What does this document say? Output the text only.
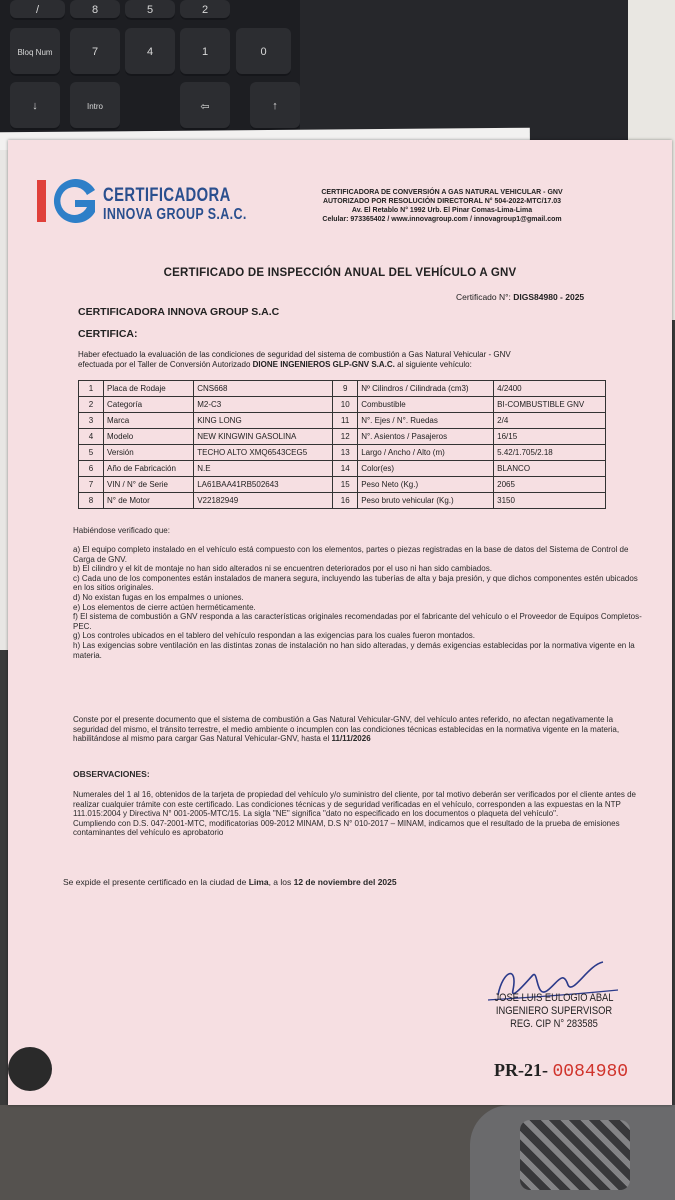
/	8	5	2
Bloq Num	7	4	1	0
↓	Intro	⇦	↑
CERTIFICADORA
INNOVA GROUP S.A.C.
CERTIFICADORA DE CONVERSIÓN A GAS NATURAL VEHICULAR - GNV
AUTORIZADO POR RESOLUCIÓN DIRECTORAL N° 504-2022-MTC/17.03
Av. El Retablo N° 1992 Urb. El Pinar Comas-Lima-Lima
Celular: 973365402 / www.innovagroup.com / innovagroup1@gmail.com
CERTIFICADO DE INSPECCIÓN ANUAL DEL VEHÍCULO A GNV
Certificado N°: DIGS84980 - 2025
CERTIFICADORA INNOVA GROUP S.A.C
CERTIFICA:
Haber efectuado la evaluación de las condiciones de seguridad del sistema de combustión a Gas Natural Vehicular - GNV
efectuada por el Taller de Conversión Autorizado DIONE INGENIEROS GLP-GNV S.A.C. al siguiente vehículo:
1	Placa de Rodaje	CNS668	9	Nº Cilindros / Cilindrada (cm3)	4/2400
2	Categoría	M2-C3	10	Combustible	BI-COMBUSTIBLE GNV
3	Marca	KING LONG	11	N°. Ejes / N°. Ruedas	2/4
4	Modelo	NEW KINGWIN GASOLINA	12	N°. Asientos / Pasajeros	16/15
5	Versión	TECHO ALTO XMQ6543CEG5	13	Largo / Ancho / Alto (m)	5.42/1.705/2.18
6	Año de Fabricación	N.E	14	Color(es)	BLANCO
7	VIN / N° de Serie	LA61BAA41RB502643	15	Peso Neto (Kg.)	2065
8	N° de Motor	V22182949	16	Peso bruto vehicular (Kg.)	3150
Habiéndose verificado que:
a) El equipo completo instalado en el vehículo está compuesto con los elementos, partes o piezas registradas en la base de datos del Sistema de Control de Carga de GNV.
b) El cilindro y el kit de montaje no han sido alterados ni se encuentren deteriorados por el uso ni han sido cambiados.
c) Cada uno de los componentes están instalados de manera segura, incluyendo las tuberías de alta y baja presión, y que dichos componentes estén ubicados en los sitios originales.
d) No existan fugas en los empalmes o uniones.
e) Los elementos de cierre actúen herméticamente.
f) El sistema de combustión a GNV responda a las características originales recomendadas por el fabricante del vehículo o el Proveedor de Equipos Completos-PEC.
g) Los controles ubicados en el tablero del vehículo respondan a las exigencias para los cuales fueron montados.
h) Las exigencias sobre ventilación en las distintas zonas de instalación no han sido alteradas, y demás exigencias establecidas por la normativa vigente en la materia.
Conste por el presente documento que el sistema de combustión a Gas Natural Vehicular-GNV, del vehículo antes referido, no afectan negativamente la seguridad del mismo, el tránsito terrestre, el medio ambiente o incumplen con las condiciones técnicas establecidas en la normativa vigente en la materia, habilitándose al mismo para cargar Gas Natural Vehicular-GNV, hasta el 11/11/2026
OBSERVACIONES:
Numerales del 1 al 16, obtenidos de la tarjeta de propiedad del vehículo y/o suministro del cliente, por tal motivo deberán ser verificados por el cliente antes de realizar cualquier trámite con este certificado. Las condiciones técnicas y de seguridad verificadas en el vehículo, corresponden a las expuestas en la NTP 111.015:2004 y Directiva N° 001-2005-MTC/15. La sigla "NE" significa "dato no especificado en los documentos o plaqueta del vehículo".
Cumpliendo con D.S. 047-2001-MTC, modificatorias 009-2012 MINAM, D.S N° 010-2017 – MINAM, indicamos que el resultado de la prueba de emisiones contaminantes del vehículo es aprobatorio
Se expide el presente certificado en la ciudad de Lima, a los 12 de noviembre del 2025
JOSE LUIS EULOGIO ABAL
INGENIERO SUPERVISOR
REG. CIP N° 283585
PR-21- 0084980
